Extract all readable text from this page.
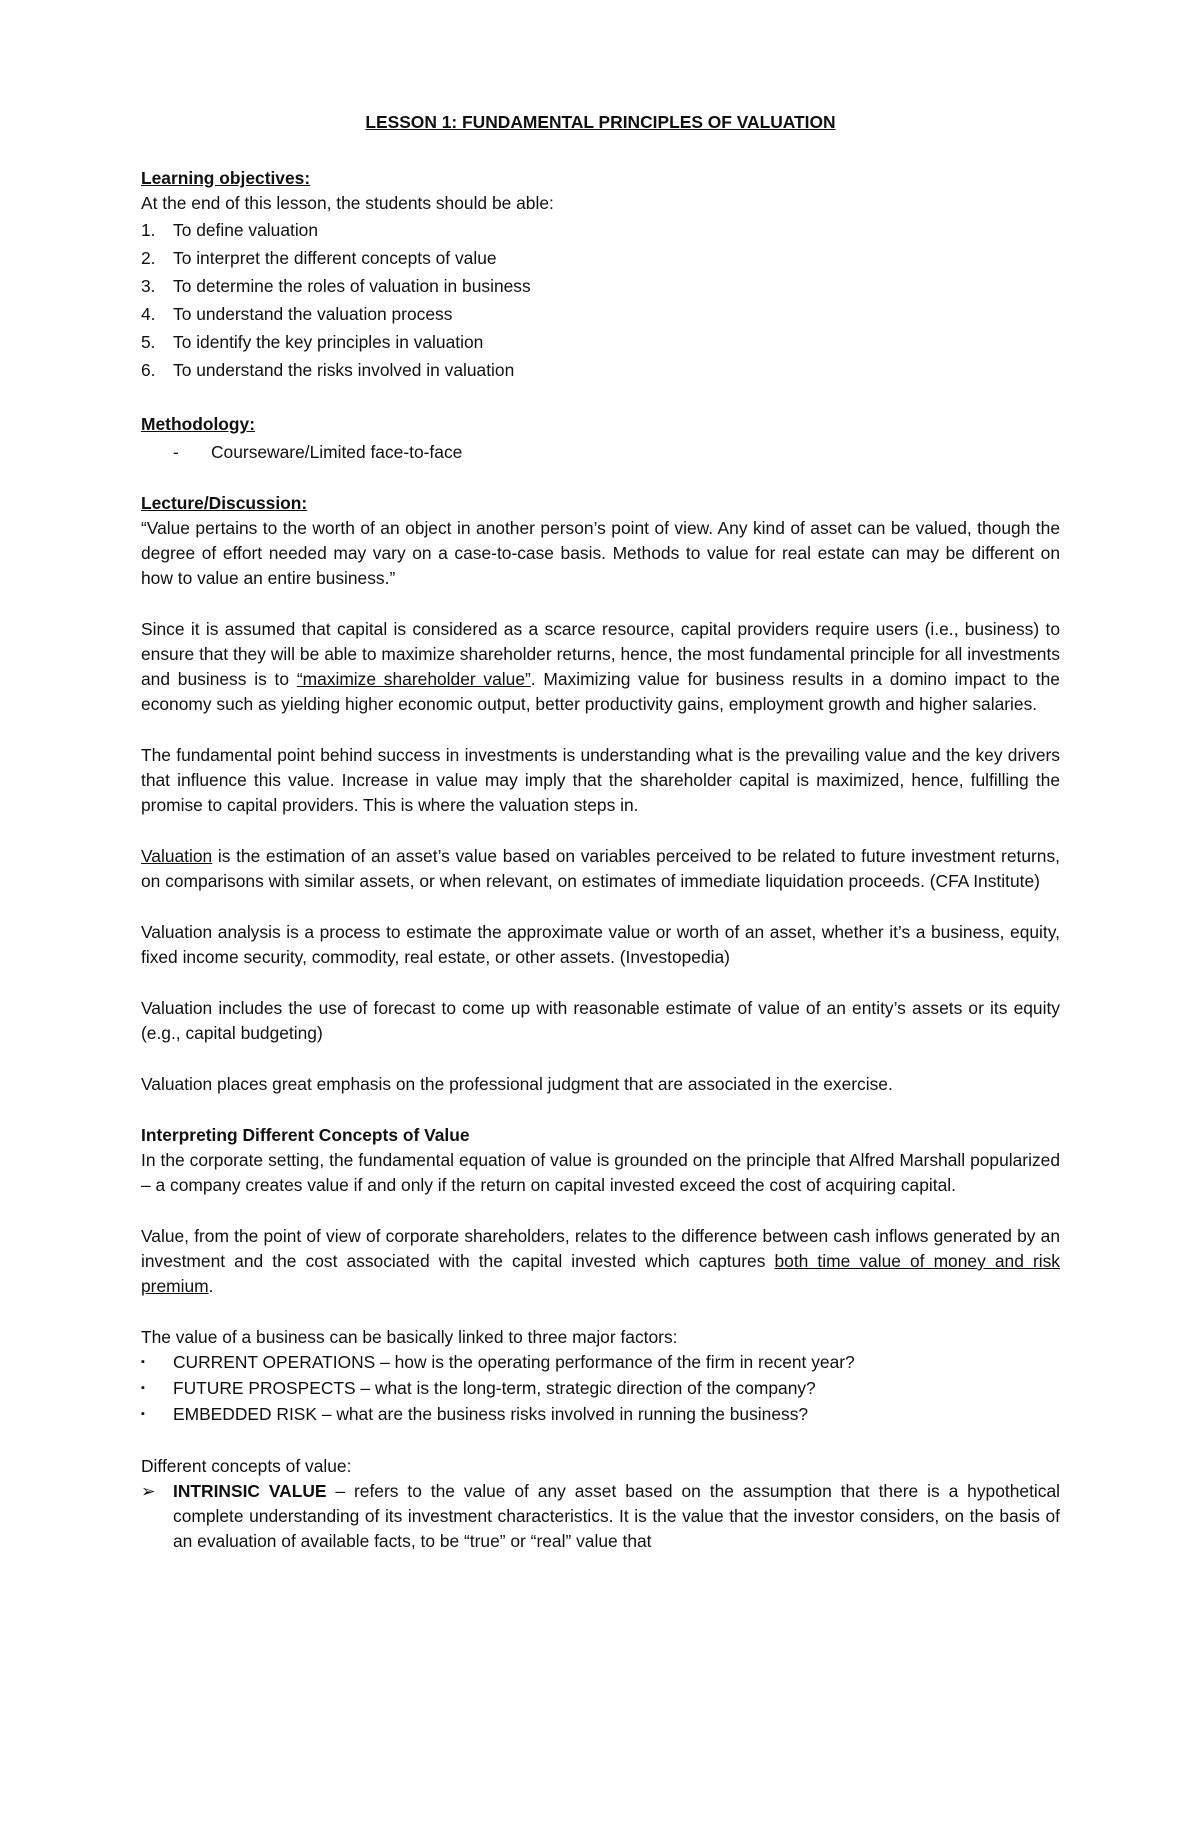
LESSON 1: FUNDAMENTAL PRINCIPLES OF VALUATION

Learning objectives:

At the end of this lesson, the students should be able:

1.	To define valuation
2.	To interpret the different concepts of value
3.	To determine the roles of valuation in business
4.	To understand the valuation process
5.	To identify the key principles in valuation
6.	To understand the risks involved in valuation

Methodology:

-	Courseware/Limited face-to-face

Lecture/Discussion:

“Value pertains to the worth of an object in another person’s point of view. Any kind of asset can be valued, though the degree of effort needed may vary on a case-to-case basis. Methods to value for real estate can may be different on how to value an entire business.”

Since it is assumed that capital is considered as a scarce resource, capital providers require users (i.e., business) to ensure that they will be able to maximize shareholder returns, hence, the most fundamental principle for all investments and business is to “maximize shareholder value”. Maximizing value for business results in a domino impact to the economy such as yielding higher economic output, better productivity gains, employment growth and higher salaries.

The fundamental point behind success in investments is understanding what is the prevailing value and the key drivers that influence this value. Increase in value may imply that the shareholder capital is maximized, hence, fulfilling the promise to capital providers. This is where the valuation steps in.

Valuation is the estimation of an asset’s value based on variables perceived to be related to future investment returns, on comparisons with similar assets, or when relevant, on estimates of immediate liquidation proceeds. (CFA Institute)

Valuation analysis is a process to estimate the approximate value or worth of an asset, whether it’s a business, equity, fixed income security, commodity, real estate, or other assets. (Investopedia)

Valuation includes the use of forecast to come up with reasonable estimate of value of an entity’s assets or its equity (e.g., capital budgeting)

Valuation places great emphasis on the professional judgment that are associated in the exercise.

Interpreting Different Concepts of Value

In the corporate setting, the fundamental equation of value is grounded on the principle that Alfred Marshall popularized – a company creates value if and only if the return on capital invested exceed the cost of acquiring capital.

Value, from the point of view of corporate shareholders, relates to the difference between cash inflows generated by an investment and the cost associated with the capital invested which captures both time value of money and risk premium.

The value of a business can be basically linked to three major factors:

▪	CURRENT OPERATIONS – how is the operating performance of the firm in recent year?
▪	FUTURE PROSPECTS – what is the long-term, strategic direction of the company?
▪	EMBEDDED RISK – what are the business risks involved in running the business?

Different concepts of value:

➢	INTRINSIC VALUE – refers to the value of any asset based on the assumption that there is a hypothetical complete understanding of its investment characteristics. It is the value that the investor considers, on the basis of an evaluation of available facts, to be “true” or “real” value that
